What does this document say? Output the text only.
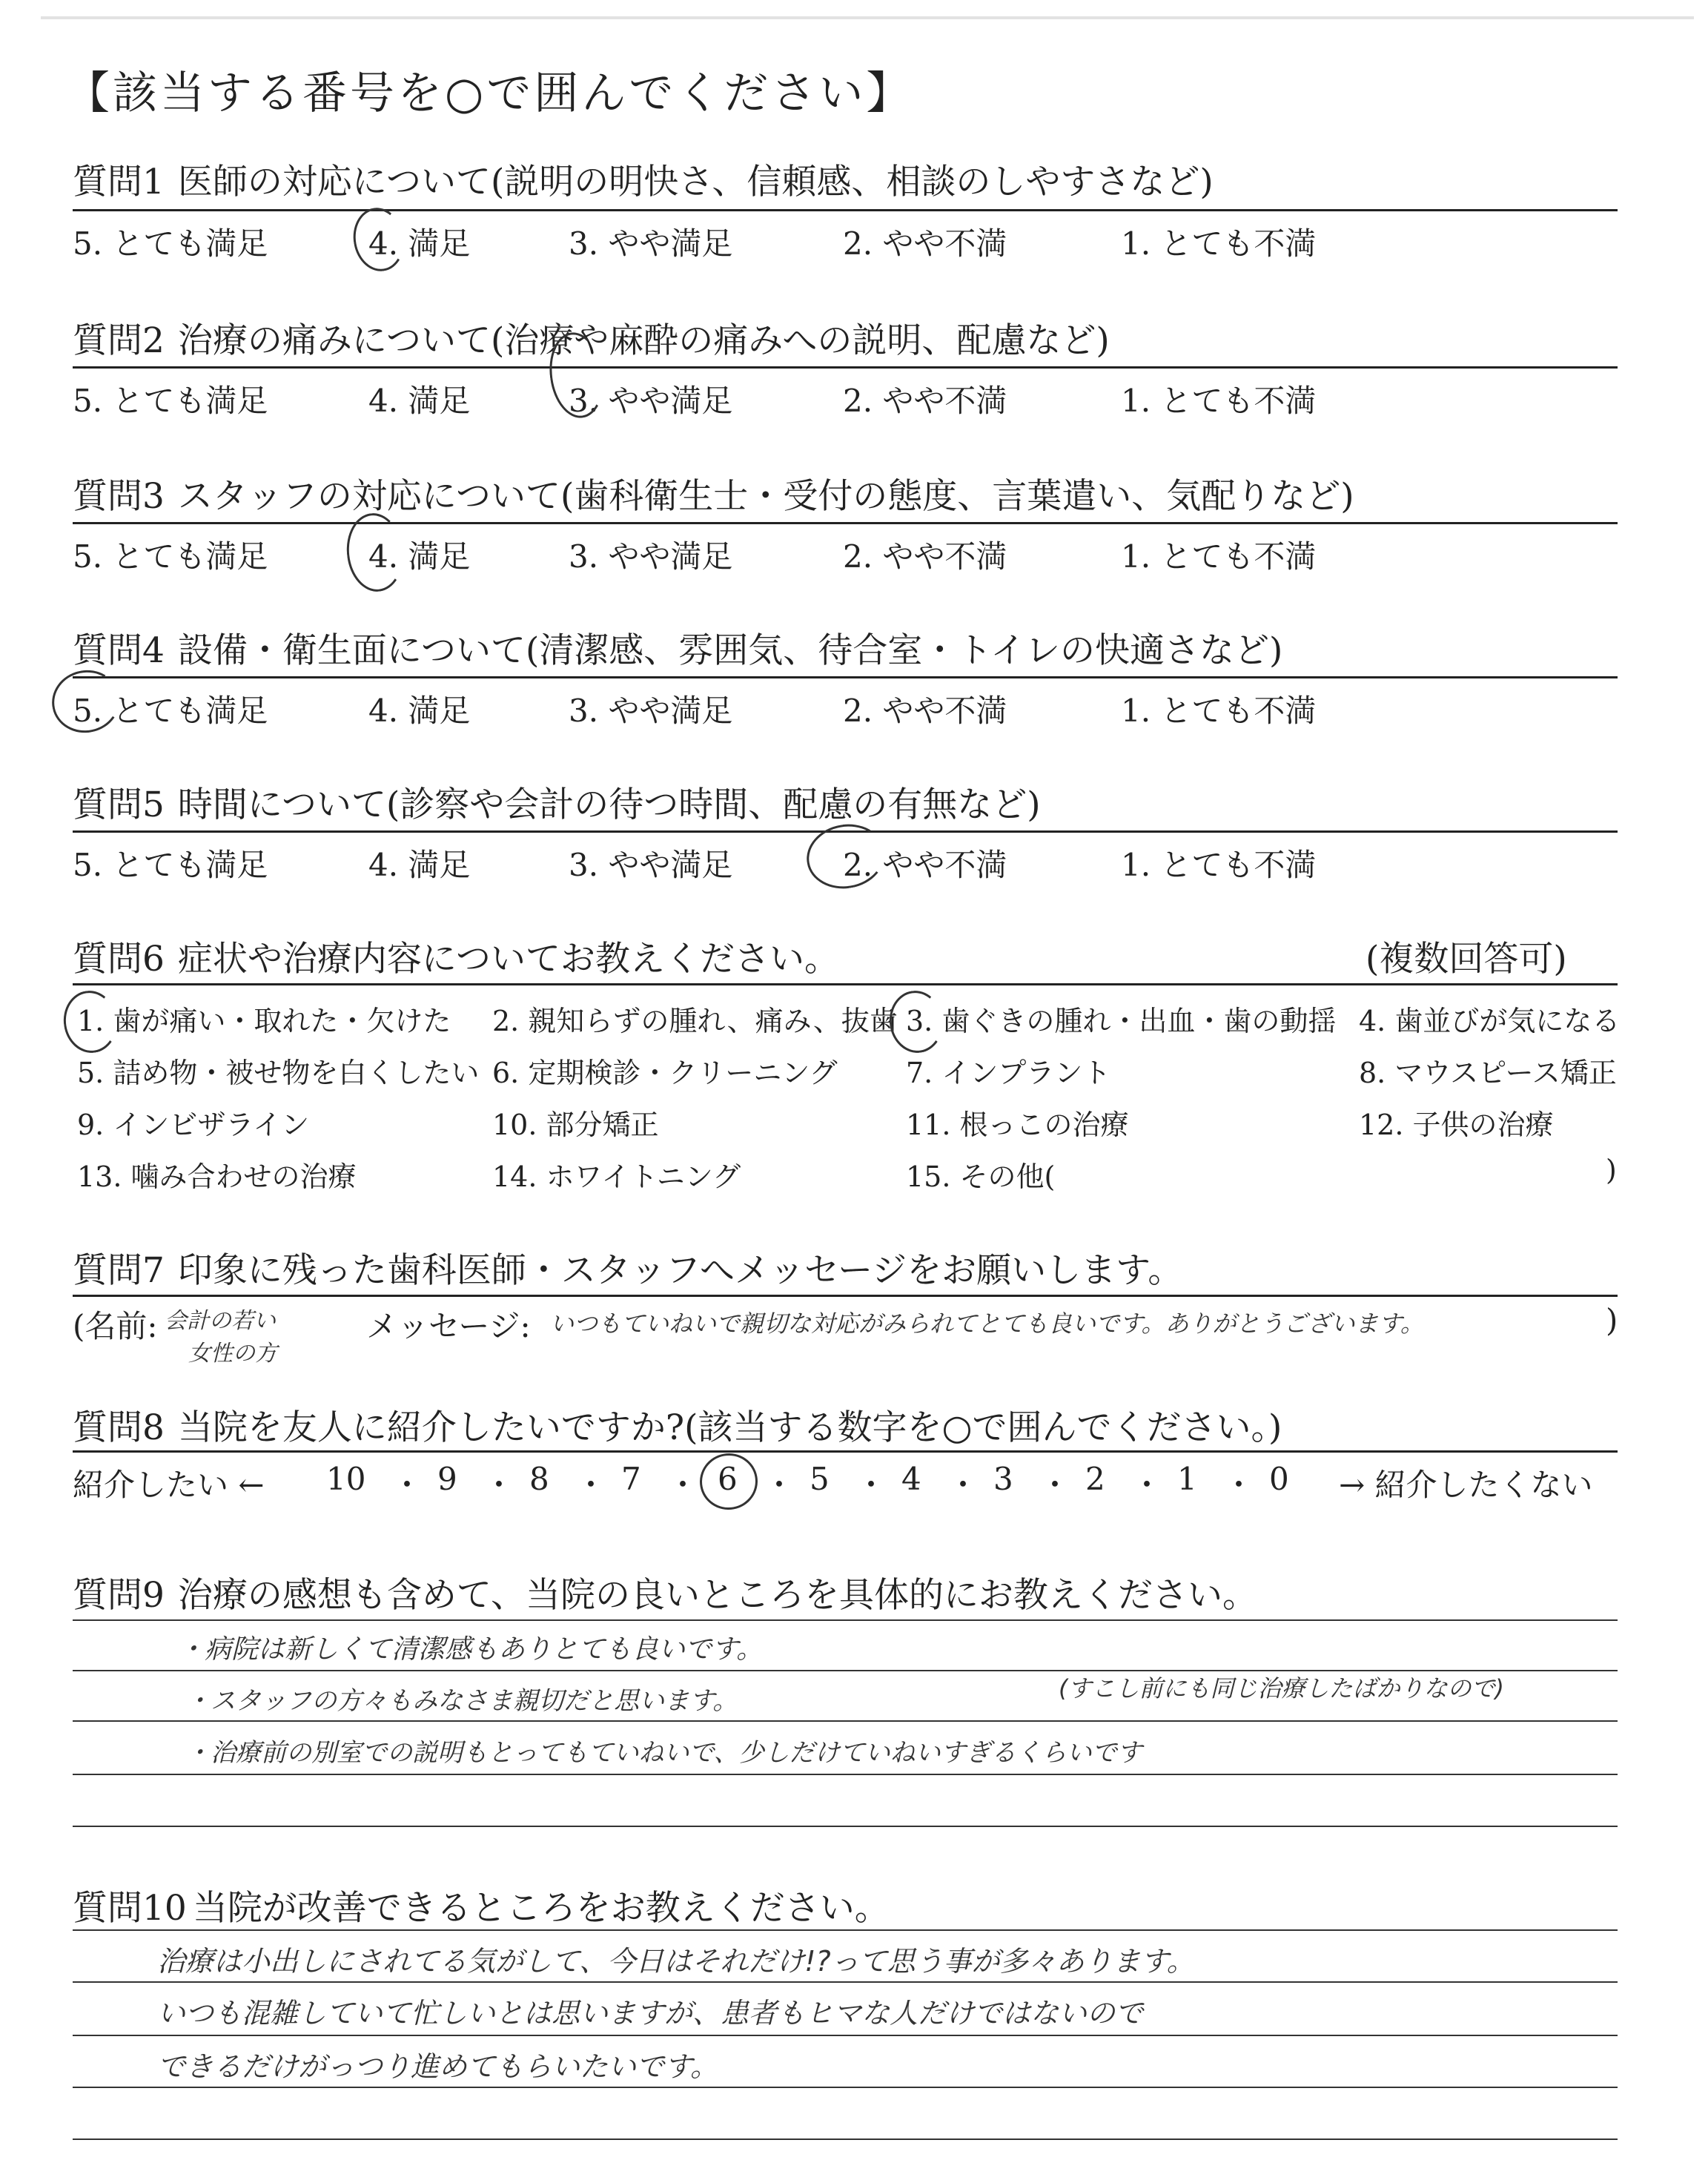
【該当する番号を○で囲んでください】
質問1 医師の対応について(説明の明快さ、信頼感、相談のしやすさなど)
5. とても満足	4. 満足	3. やや満足	2. やや不満	1. とても不満
質問2 治療の痛みについて(治療や麻酔の痛みへの説明、配慮など)
5. とても満足	4. 満足	3. やや満足	2. やや不満	1. とても不満
質問3 スタッフの対応について(歯科衛生士・受付の態度、言葉遣い、気配りなど)
5. とても満足	4. 満足	3. やや満足	2. やや不満	1. とても不満
質問4 設備・衛生面について(清潔感、雰囲気、待合室・トイレの快適さなど)
5. とても満足	4. 満足	3. やや満足	2. やや不満	1. とても不満
質問5 時間について(診察や会計の待つ時間、配慮の有無など)
5. とても満足	4. 満足	3. やや満足	2. やや不満	1. とても不満
質問6 症状や治療内容についてお教えください。	(複数回答可)
1. 歯が痛い・取れた・欠けた 2. 親知らずの腫れ、痛み、抜歯 3. 歯ぐきの腫れ・出血・歯の動揺 4. 歯並びが気になる
5. 詰め物・被せ物を白くしたい 6. 定期検診・クリーニング 7. インプラント	8. マウスピース矯正
9. インビザライン	10. 部分矯正	11. 根っこの治療	12. 子供の治療
13. 噛み合わせの治療	14. ホワイトニング	15. その他(	)
質問7 印象に残った歯科医師・スタッフへメッセージをお願いします。
(名前: 会計の若い
女性の方
メッセージ: いつもていねいで親切な対応がみられてとても良いです。ありがとうございます。	)
質問8 当院を友人に紹介したいですか?(該当する数字を○で囲んでください。)
紹介したい ← 10 ・ 9 ・ 8 ・ 7 ・ 6 ・ 5 ・ 4 ・ 3 ・ 2 ・ 1 ・ 0 → 紹介したくない
質問9 治療の感想も含めて、当院の良いところを具体的にお教えください。
・病院は新しくて清潔感もありとても良いです。
・スタッフの方々もみなさま親切だと思います。
・治療前の別室での説明もとってもていねいで、少しだけていねいすぎるくらいです
(すこし前にも同じ治療したばかりなので)
質問10 当院が改善できるところをお教えください。
治療は小出しにされてる気がして、今日はそれだけ!?って思う事が多々あります。
いつも混雑していて忙しいとは思いますが、患者もヒマな人だけではないので
できるだけがっつり進めてもらいたいです。
